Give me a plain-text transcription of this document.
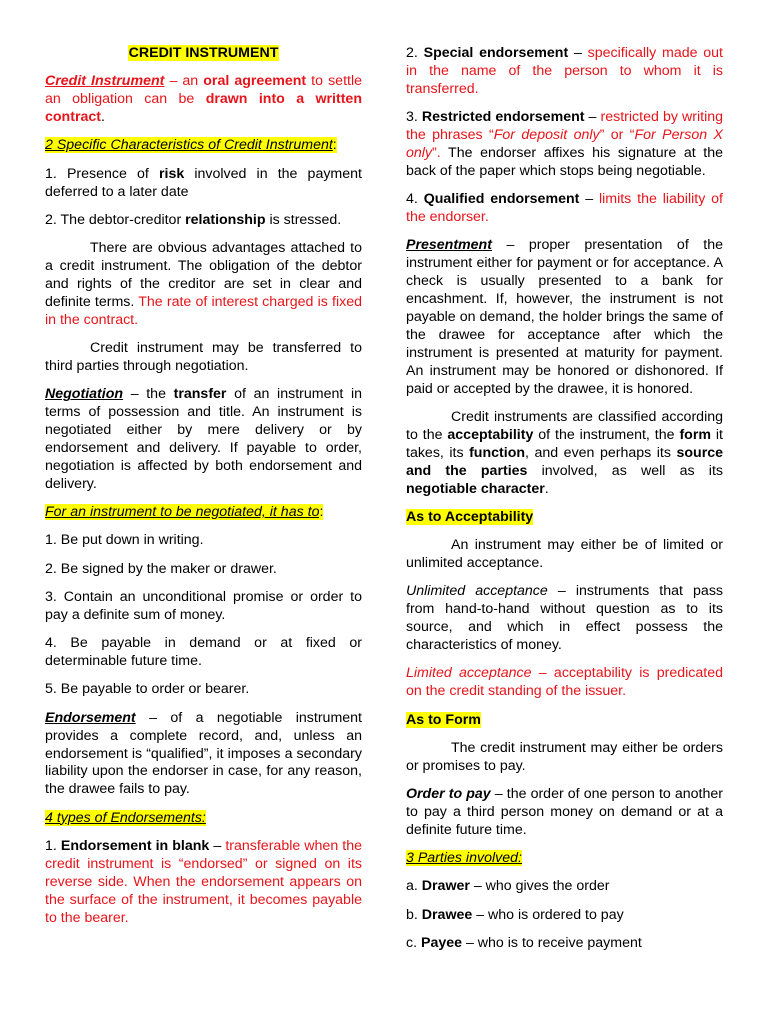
CREDIT INSTRUMENT

Credit Instrument – an oral agreement to settle an obligation can be drawn into a written contract.

2 Specific Characteristics of Credit Instrument:

1. Presence of risk involved in the payment deferred to a later date

2. The debtor-creditor relationship is stressed.

There are obvious advantages attached to a credit instrument. The obligation of the debtor and rights of the creditor are set in clear and definite terms. The rate of interest charged is fixed in the contract.

Credit instrument may be transferred to third parties through negotiation.

Negotiation – the transfer of an instrument in terms of possession and title. An instrument is negotiated either by mere delivery or by endorsement and delivery. If payable to order, negotiation is affected by both endorsement and delivery.

For an instrument to be negotiated, it has to:

1. Be put down in writing.

2. Be signed by the maker or drawer.

3. Contain an unconditional promise or order to pay a definite sum of money.

4. Be payable in demand or at fixed or determinable future time.

5. Be payable to order or bearer.

Endorsement – of a negotiable instrument provides a complete record, and, unless an endorsement is “qualified”, it imposes a secondary liability upon the endorser in case, for any reason, the drawee fails to pay.

4 types of Endorsements:

1. Endorsement in blank – transferable when the credit instrument is “endorsed” or signed on its reverse side. When the endorsement appears on the surface of the instrument, it becomes payable to the bearer.

2. Special endorsement – specifically made out in the name of the person to whom it is transferred.

3. Restricted endorsement – restricted by writing the phrases “For deposit only” or “For Person X only”. The endorser affixes his signature at the back of the paper which stops being negotiable.

4. Qualified endorsement – limits the liability of the endorser.

Presentment – proper presentation of the instrument either for payment or for acceptance. A check is usually presented to a bank for encashment. If, however, the instrument is not payable on demand, the holder brings the same of the drawee for acceptance after which the instrument is presented at maturity for payment. An instrument may be honored or dishonored. If paid or accepted by the drawee, it is honored.

Credit instruments are classified according to the acceptability of the instrument, the form it takes, its function, and even perhaps its source and the parties involved, as well as its negotiable character.

As to Acceptability

An instrument may either be of limited or unlimited acceptance.

Unlimited acceptance – instruments that pass from hand-to-hand without question as to its source, and which in effect possess the characteristics of money.

Limited acceptance – acceptability is predicated on the credit standing of the issuer.

As to Form

The credit instrument may either be orders or promises to pay.

Order to pay – the order of one person to another to pay a third person money on demand or at a definite future time.

3 Parties involved:

a. Drawer – who gives the order

b. Drawee – who is ordered to pay

c. Payee – who is to receive payment
